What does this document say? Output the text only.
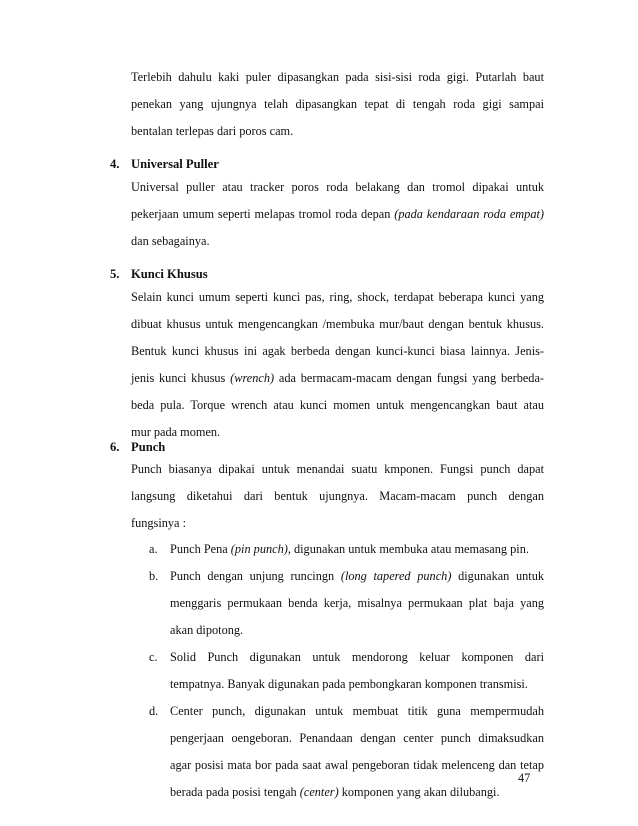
Terlebih dahulu kaki puler dipasangkan pada sisi-sisi roda gigi. Putarlah baut
penekan yang ujungnya telah dipasangkan tepat di tengah roda gigi sampai
bentalan terlepas dari poros cam.
4. Universal Puller
Universal puller atau tracker poros roda belakang dan tromol dipakai untuk
pekerjaan umum seperti melapas tromol roda depan (pada kendaraan roda empat)
dan sebagainya.
5. Kunci Khusus
Selain kunci umum seperti kunci pas, ring, shock, terdapat beberapa kunci yang
dibuat khusus untuk mengencangkan /membuka mur/baut dengan bentuk khusus.
Bentuk kunci khusus ini agak berbeda dengan kunci-kunci biasa lainnya. Jenis-
jenis kunci khusus (wrench) ada bermacam-macam dengan fungsi yang berbeda-
beda pula. Torque wrench atau kunci momen untuk mengencangkan baut atau
mur pada momen.
6. Punch
Punch biasanya dipakai untuk menandai suatu kmponen. Fungsi punch dapat
langsung diketahui dari bentuk ujungnya. Macam-macam punch dengan
fungsinya :
a. Punch Pena (pin punch), digunakan untuk membuka atau memasang pin.
b. Punch dengan unjung runcingn (long tapered punch) digunakan untuk
menggaris permukaan benda kerja, misalnya permukaan plat baja yang
akan dipotong.
c. Solid Punch digunakan untuk mendorong keluar komponen dari
tempatnya. Banyak digunakan pada pembongkaran komponen transmisi.
d. Center punch, digunakan untuk membuat titik guna mempermudah
pengerjaan oengeboran. Penandaan dengan center punch dimaksudkan
agar posisi mata bor pada saat awal pengeboran tidak melenceng dan tetap
berada pada posisi tengah (center) komponen yang akan dilubangi.
47
